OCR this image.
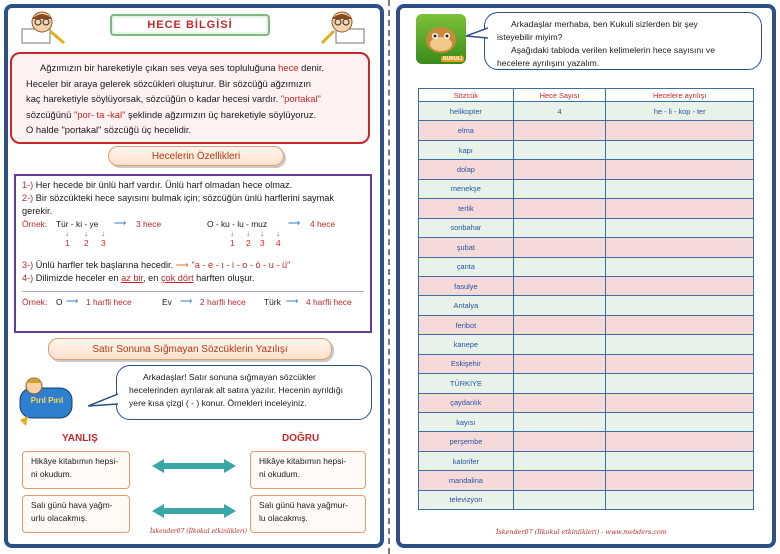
HECE BİLGİSİ
Ağzımızın bir hareketiyle çıkan ses veya ses topluluğuna hece denir.
Heceler bir araya gelerek sözcükleri oluşturur. Bir sözcüğü ağzımızın
kaç hareketiyle söylüyorsak, sözcüğün o kadar hecesi vardır. "portakal"
sözcüğünü "por- ta -kal" şeklinde ağzımızın üç hareketiyle söylüyoruz.
O halde "portakal" sözcüğü üç hecelidir.
Hecelerin Özellikleri
1-) Her hecede bir ünlü harf vardır. Ünlü harf olmadan hece olmaz.
2-) Bir sözcükteki hece sayısını bulmak için; sözcüğün ünlü harflerini saymak
gerekir.
Örnek: Tür - ki - ye ⟶ 3 hece
↓ ↓ ↓
1 2 3
O - ku - lu - muz ⟶ 4 hece
↓ ↓ ↓ ↓
1 2 3 4
3-) Ünlü harfler tek başlarına hecedir. ⟶ "a - e - ı - i - o - ö - u - ü"
4-) Dilimizde heceler en az bir, en çok dört harften oluşur.
Örnek: O ⟶ 1 harfli hece	Ev ⟶ 2 harfli hece Türk ⟶ 4 harfli hece
Satır Sonuna Sığmayan Sözcüklerin Yazılışı
Pırıl Pırıl
Arkadaşlar! Satır sonuna sığmayan sözcükler
hecelerinden ayrılarak alt satıra yazılır. Hecenin ayrıldığı
yere kısa çizgi ( - ) konur. Örnekleri inceleyiniz.
YANLIŞ	DOĞRU
Hikâye kitabımın hepsi-
ni okudum.
Salı günü hava yağm-
urlu olacakmış.
Hikâye kitabımın hepsi-
ni okudum.
Salı günü hava yağmur-
lu olacakmış.
İskender07 (İlkokul etkinlikleri)
KUKULİ
Arkadaşlar merhaba, ben Kukuli sizlerden bir şey
isteyebilir miyim?
Aşağıdaki tabloda verilen kelimelerin hece sayısını ve
hecelere ayrılışını yazalım.
Sözcük	Hece Sayısı	Hecelere ayrılışı
helikopter	4	he - li - kop - ter
elma		
kapı		
dolap		
menekşe		
terlik		
sonbahar		
şubat		
çanta		
fasulye		
Antalya		
feribot		
kanepe		
Eskişehir		
TÜRKİYE		
çaydanlık		
kayısı		
perşembe		
kalorifer		
mandalina		
televizyon		
İskender07 (İlkokul etkinlikleri) - www.mebders.com
